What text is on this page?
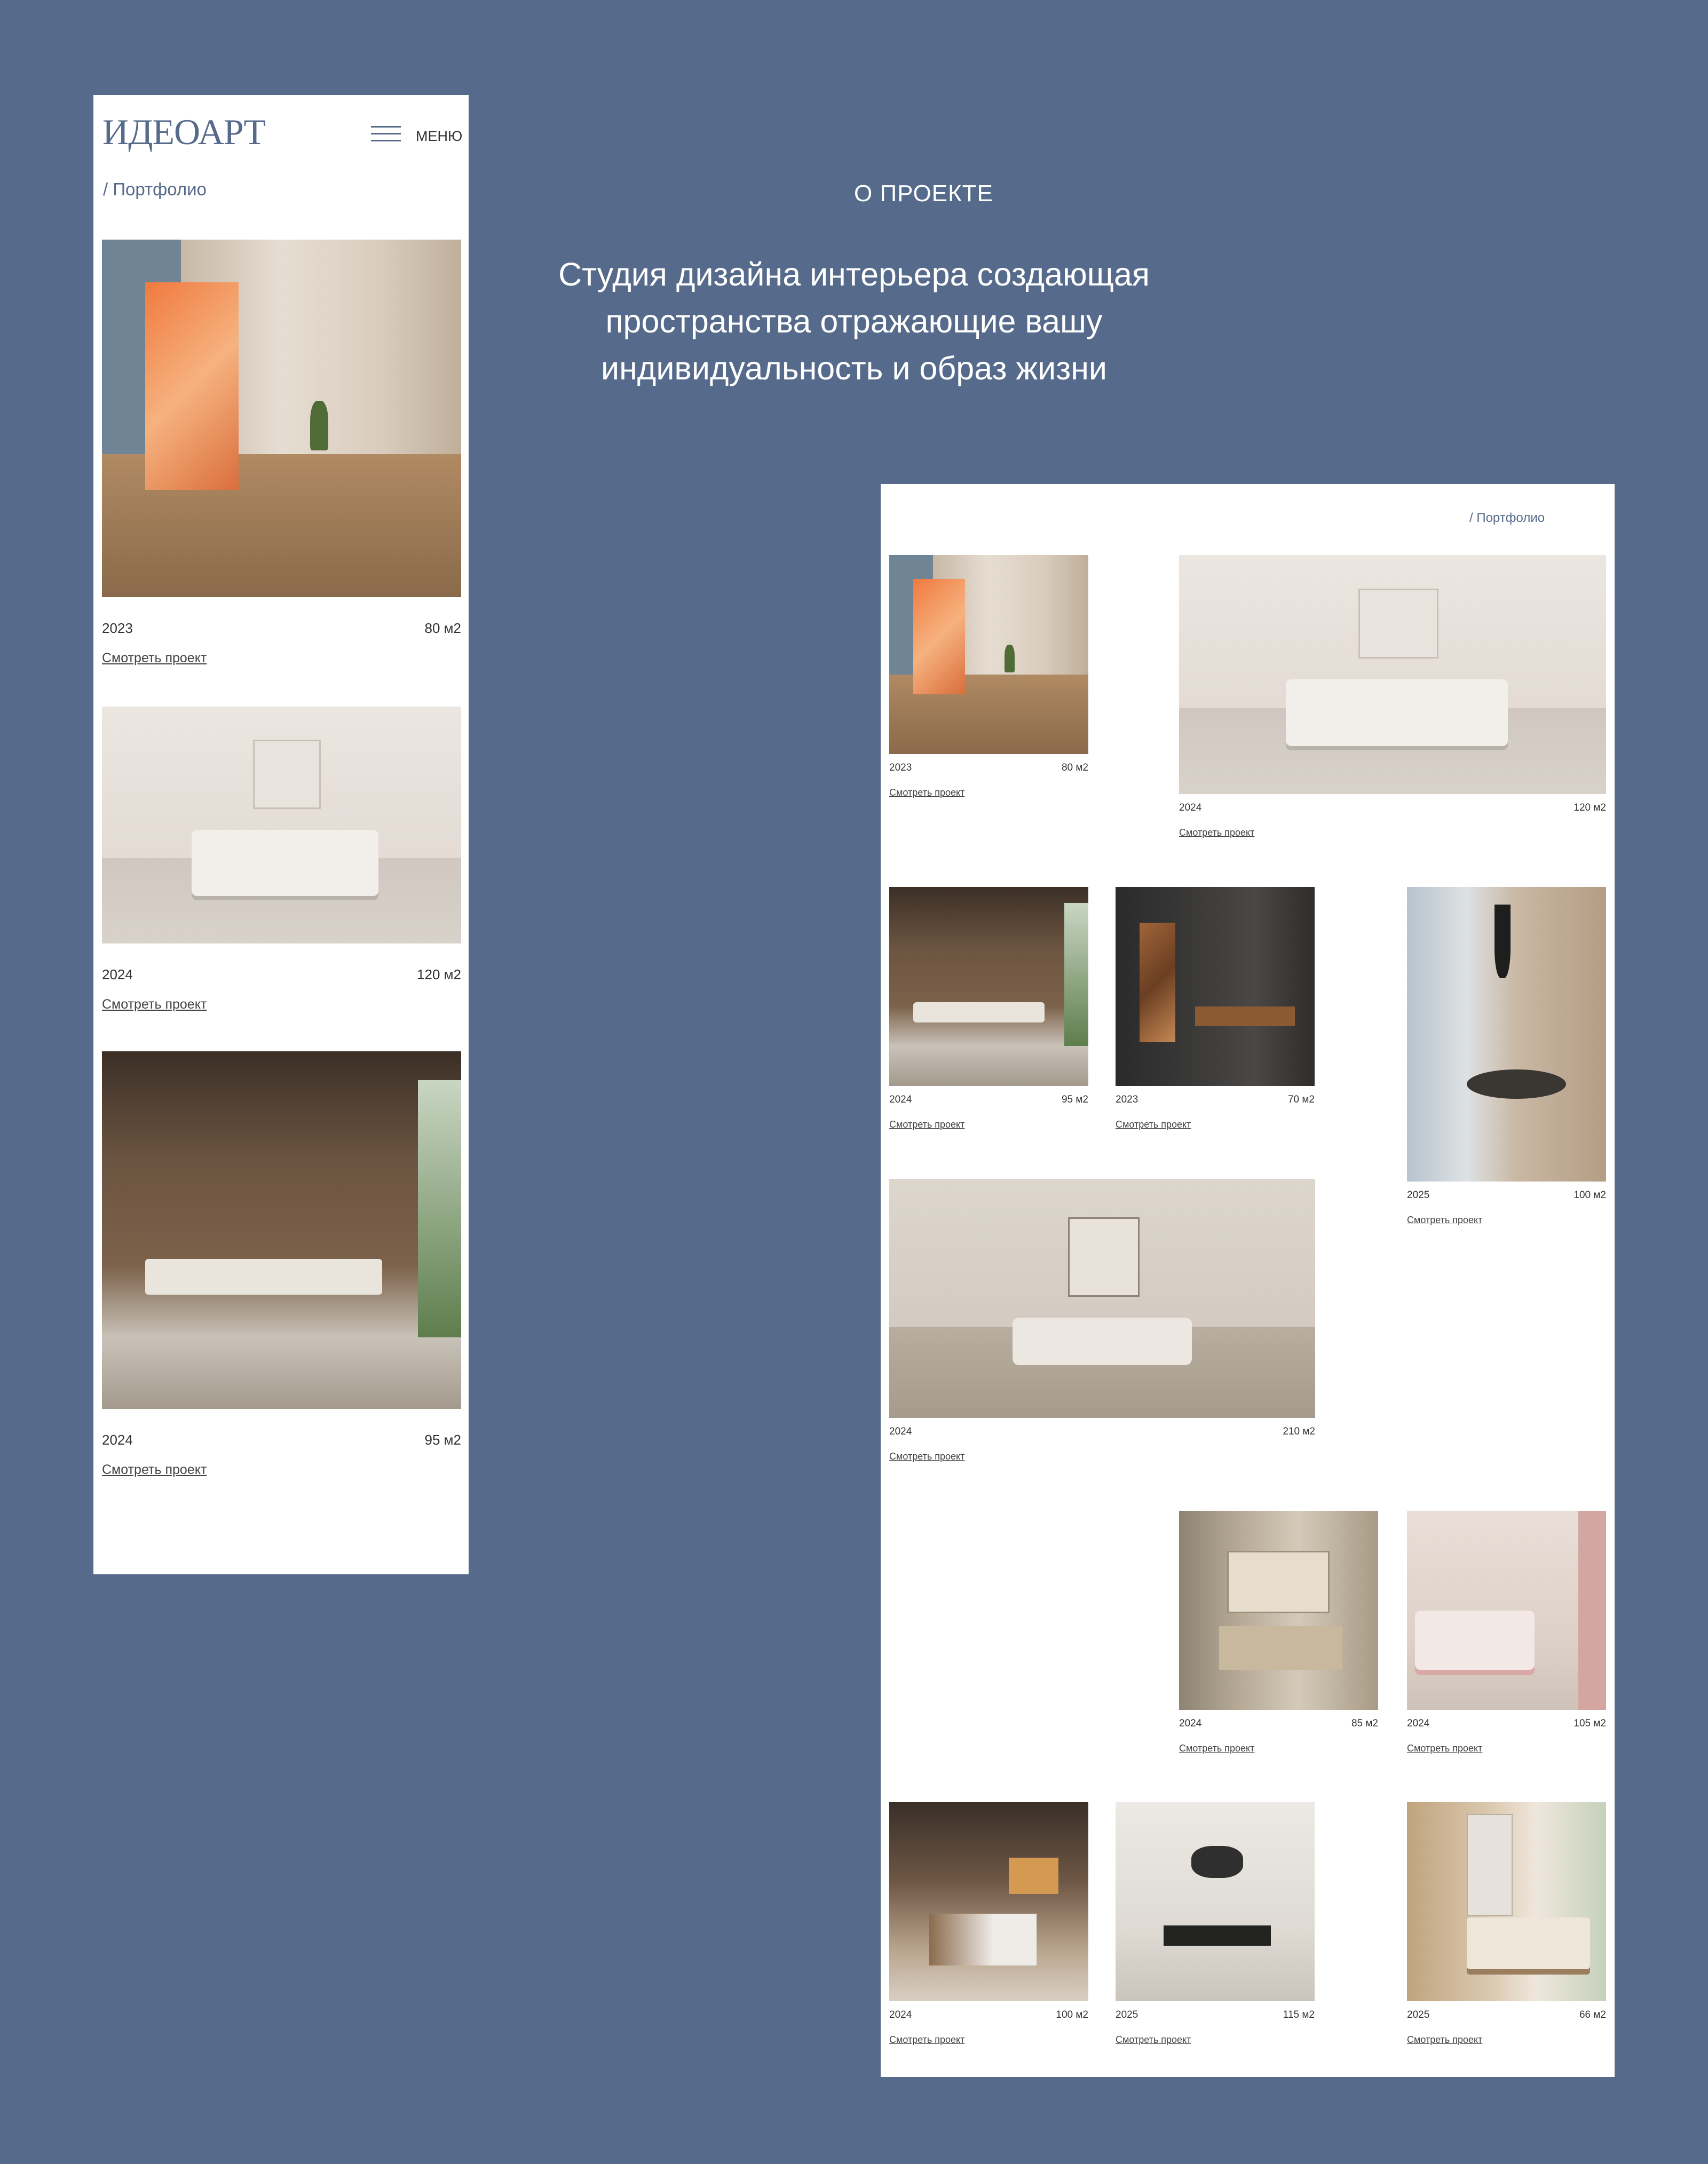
ИДЕОАРТ	МЕНЮ
/ Портфолио
2023	80 м2
Смотреть проект
2024	120 м2
Смотреть проект
2024	95 м2
Смотреть проект
О ПРОЕКТЕ
Студия дизайна интерьера создающая
пространства отражающие вашу
индивидуальность и образ жизни
/ Портфолио
2023	80 м2
Смотреть проект
2024	120 м2
Смотреть проект
2024	95 м2
Смотреть проект
2023	70 м2
Смотреть проект
2025	100 м2
Смотреть проект
2024	210 м2
Смотреть проект
2024	85 м2
Смотреть проект
2024	105 м2
Смотреть проект
2024	100 м2
Смотреть проект
2025	115 м2
Смотреть проект
2025	66 м2
Смотреть проект
